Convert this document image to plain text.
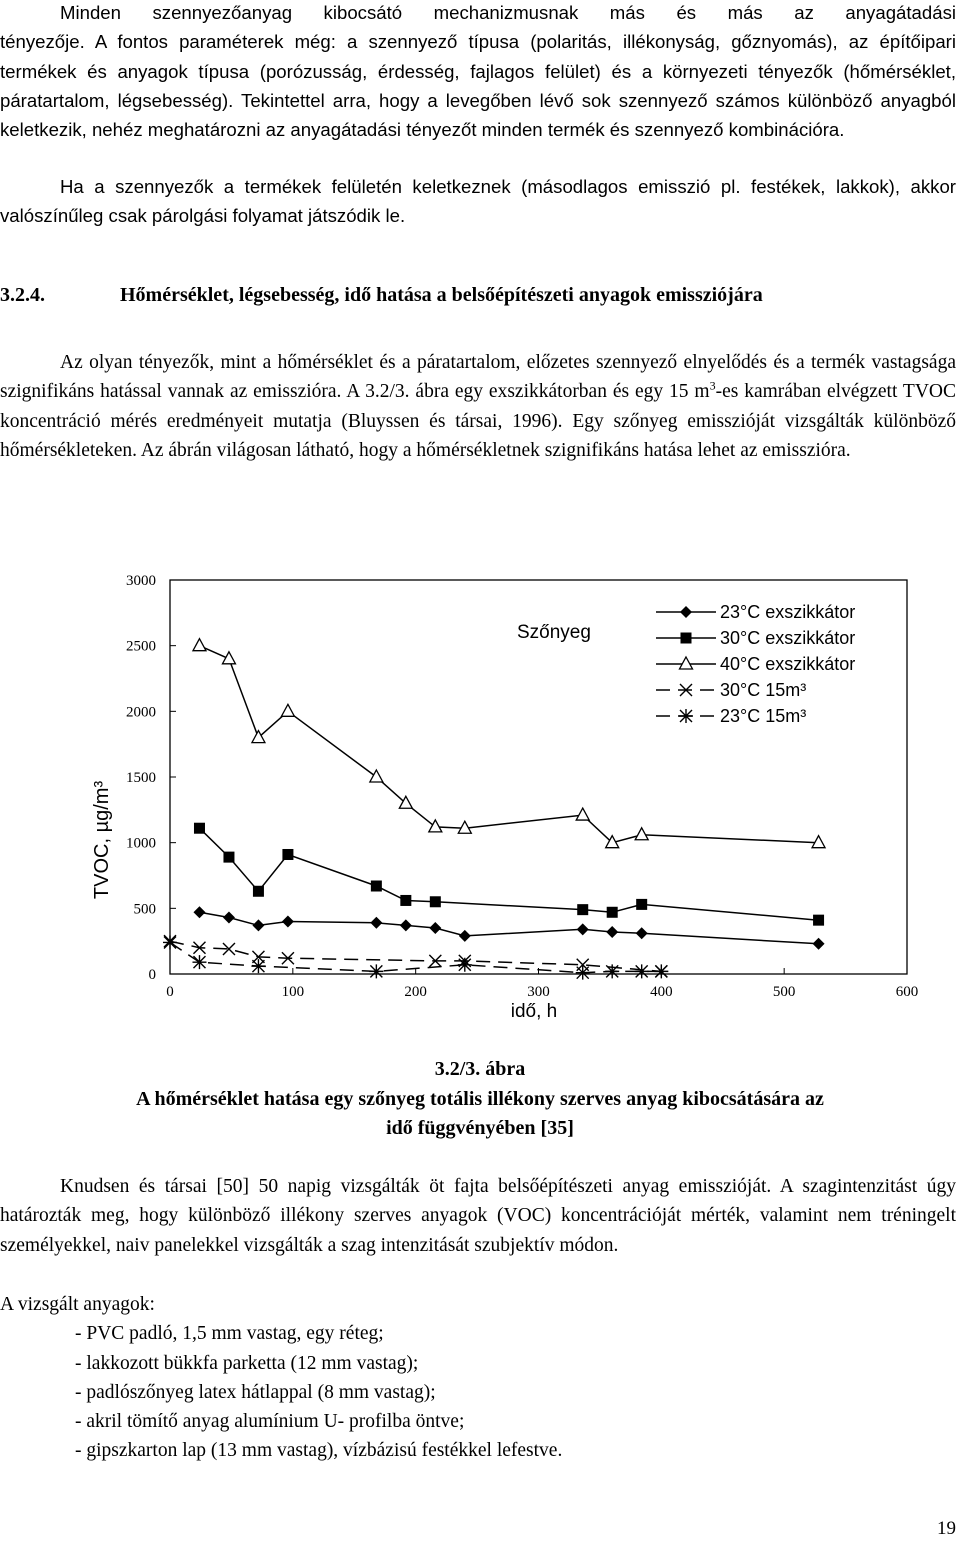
Minden szennyezőanyag kibocsátó mechanizmusnak más és más az anyagátadási
tényezője. A fontos paraméterek még: a szennyező típusa (polaritás, illékonyság, gőznyomás), az építőipari termékek és anyagok típusa (porózusság, érdesség, fajlagos felület) és a környezeti tényezők (hőmérséklet, páratartalom, légsebesség). Tekintettel arra, hogy a levegőben lévő sok szennyező számos különböző anyagból keletkezik, nehéz meghatározni az anyagátadási tényezőt minden termék és szennyező kombinációra.
Ha a szennyezők a termékek felületén keletkeznek (másodlagos emisszió pl. festékek, lakkok), akkor valószínűleg csak párolgási folyamat játszódik le.
3.2.4.	Hőmérséklet, légsebesség, idő hatása a belsőépítészeti anyagok emissziójára
Az olyan tényezők, mint a hőmérséklet és a páratartalom, előzetes szennyező elnyelődés és a termék vastagsága szignifikáns hatással vannak az emisszióra. A 3.2/3. ábra egy exszikkátorban és egy 15 $m^3-es$ kamrában elvégzett TVOC koncentráció mérés eredményeit mutatja (Bluyssen és társai, 1996). Egy szőnyeg emisszióját vizsgálták különböző hőmérsékleteken. Az ábrán világosan látható, hogy a hőmérsékletnek szignifikáns hatása lehet az emisszióra.
0	100	200	300	400	500	600
0
500
1000
1500
2000
2500
3000
23°C exszikkátor
30°C exszikkátor
40°C exszikkátor
30°C 15m³
23°C 15m³
Szőnyeg
TVOC, µg/m³
idő, h
3.2/3. ábra
A hőmérséklet hatása egy szőnyeg totális illékony szerves anyag kibocsátására az
idő függvényében [35]
Knudsen és társai [50] 50 napig vizsgálták öt fajta belsőépítészeti anyag emisszióját. A szagintenzitást úgy határozták meg, hogy különböző illékony szerves anyagok (VOC) koncentrációját mérték, valamint nem tréningelt személyekkel, naiv panelekkel vizsgálták a szag intenzitását szubjektív módon.
A vizsgált anyagok:
- PVC padló, 1,5 mm vastag, egy réteg;
- lakkozott bükkfa parketta (12 mm vastag);
- padlószőnyeg latex hátlappal (8 mm vastag);
- akril tömítő anyag alumínium U- profilba öntve;
- gipszkarton lap (13 mm vastag), vízbázisú festékkel lefestve.
19
